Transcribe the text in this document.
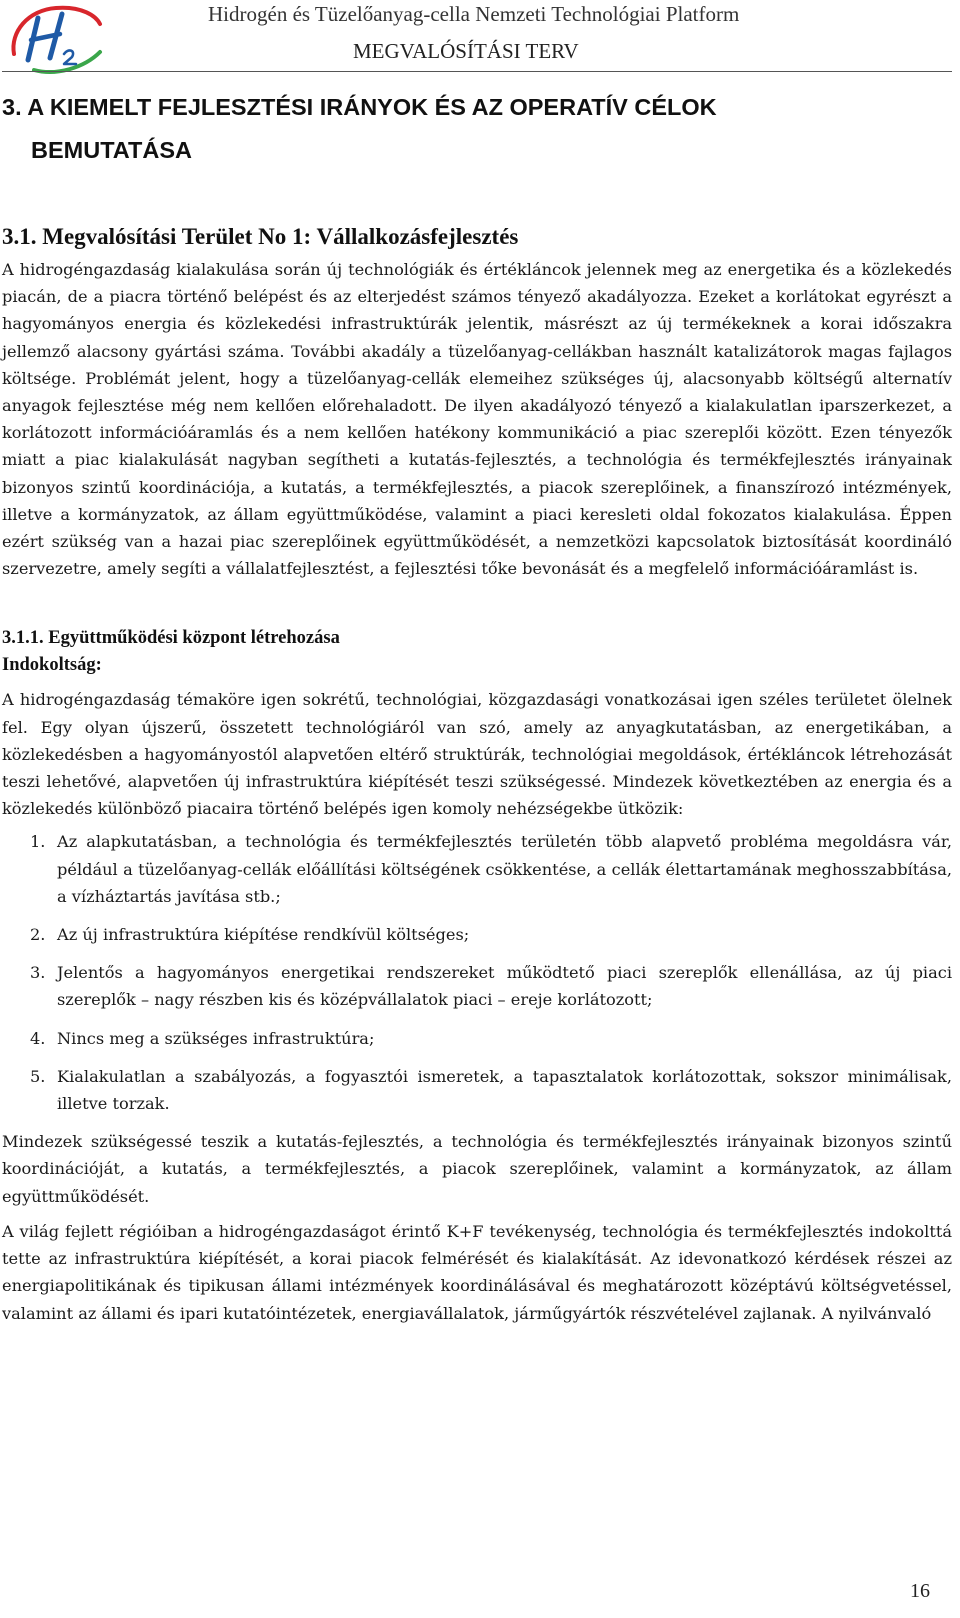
Hidrogén és Tüzelőanyag-cella Nemzeti Technológiai Platform
MEGVALÓSÍTÁSI TERV
3. A KIEMELT FEJLESZTÉSI IRÁNYOK ÉS AZ OPERATÍV CÉLOK
BEMUTATÁSA
3.1. Megvalósítási Terület No 1: Vállalkozásfejlesztés

A hidrogéngazdaság kialakulása során új technológiák és értékláncok jelennek meg az energetika és a közlekedés piacán, de a piacra történő belépést és az elterjedést számos tényező akadályozza. Ezeket a korlátokat egyrészt a hagyományos energia és közlekedési infrastruktúrák jelentik, másrészt az új termékeknek a korai időszakra jellemző alacsony gyártási száma. További akadály a tüzelőanyag-cellákban használt katalizátorok magas fajlagos költsége. Problémát jelent, hogy a tüzelőanyag-cellák elemeihez szükséges új, alacsonyabb költségű alternatív anyagok fejlesztése még nem kellően előrehaladott. De ilyen akadályozó tényező a kialakulatlan iparszerkezet, a korlátozott információáramlás és a nem kellően hatékony kommunikáció a piac szereplői között. Ezen tényezők miatt a piac kialakulását nagyban segítheti a kutatás-fejlesztés, a technológia és termékfejlesztés irányainak bizonyos szintű koordinációja, a kutatás, a termékfejlesztés, a piacok szereplőinek, a finanszírozó intézmények, illetve a kormányzatok, az állam együttműködése, valamint a piaci keresleti oldal fokozatos kialakulása. Éppen ezért szükség van a hazai piac szereplőinek együttműködését, a nemzetközi kapcsolatok biztosítását koordináló szervezetre, amely segíti a vállalatfejlesztést, a fejlesztési tőke bevonását és a megfelelő információáramlást is.

3.1.1. Együttműködési központ létrehozása
Indokoltság:

A hidrogéngazdaság témaköre igen sokrétű, technológiai, közgazdasági vonatkozásai igen széles területet ölelnek fel. Egy olyan újszerű, összetett technológiáról van szó, amely az anyagkutatásban, az energetikában, a közlekedésben a hagyományostól alapvetően eltérő struktúrák, technológiai megoldások, értékláncok létrehozását teszi lehetővé, alapvetően új infrastruktúra kiépítését teszi szükségessé. Mindezek következtében az energia és a közlekedés különböző piacaira történő belépés igen komoly nehézségekbe ütközik:

1. Az alapkutatásban, a technológia és termékfejlesztés területén több alapvető probléma megoldásra vár, például a tüzelőanyag-cellák előállítási költségének csökkentése, a cellák élettartamának meghosszabbítása, a vízháztartás javítása stb.;
2. Az új infrastruktúra kiépítése rendkívül költséges;
3. Jelentős a hagyományos energetikai rendszereket működtető piaci szereplők ellenállása, az új piaci szereplők – nagy részben kis és középvállalatok piaci – ereje korlátozott;
4. Nincs meg a szükséges infrastruktúra;
5. Kialakulatlan a szabályozás, a fogyasztói ismeretek, a tapasztalatok korlátozottak, sokszor minimálisak, illetve torzak.

Mindezek szükségessé teszik a kutatás-fejlesztés, a technológia és termékfejlesztés irányainak bizonyos szintű koordinációját, a kutatás, a termékfejlesztés, a piacok szereplőinek, valamint a kormányzatok, az állam együttműködését.

A világ fejlett régióiban a hidrogéngazdaságot érintő K+F tevékenység, technológia és termékfejlesztés indokolttá tette az infrastruktúra kiépítését, a korai piacok felmérését és kialakítását. Az idevonatkozó kérdések részei az energiapolitikának és tipikusan állami intézmények koordinálásával és meghatározott középtávú költségvetéssel, valamint az állami és ipari kutatóintézetek, energiavállalatok, járműgyártók részvételével zajlanak. A nyilvánvaló

16
